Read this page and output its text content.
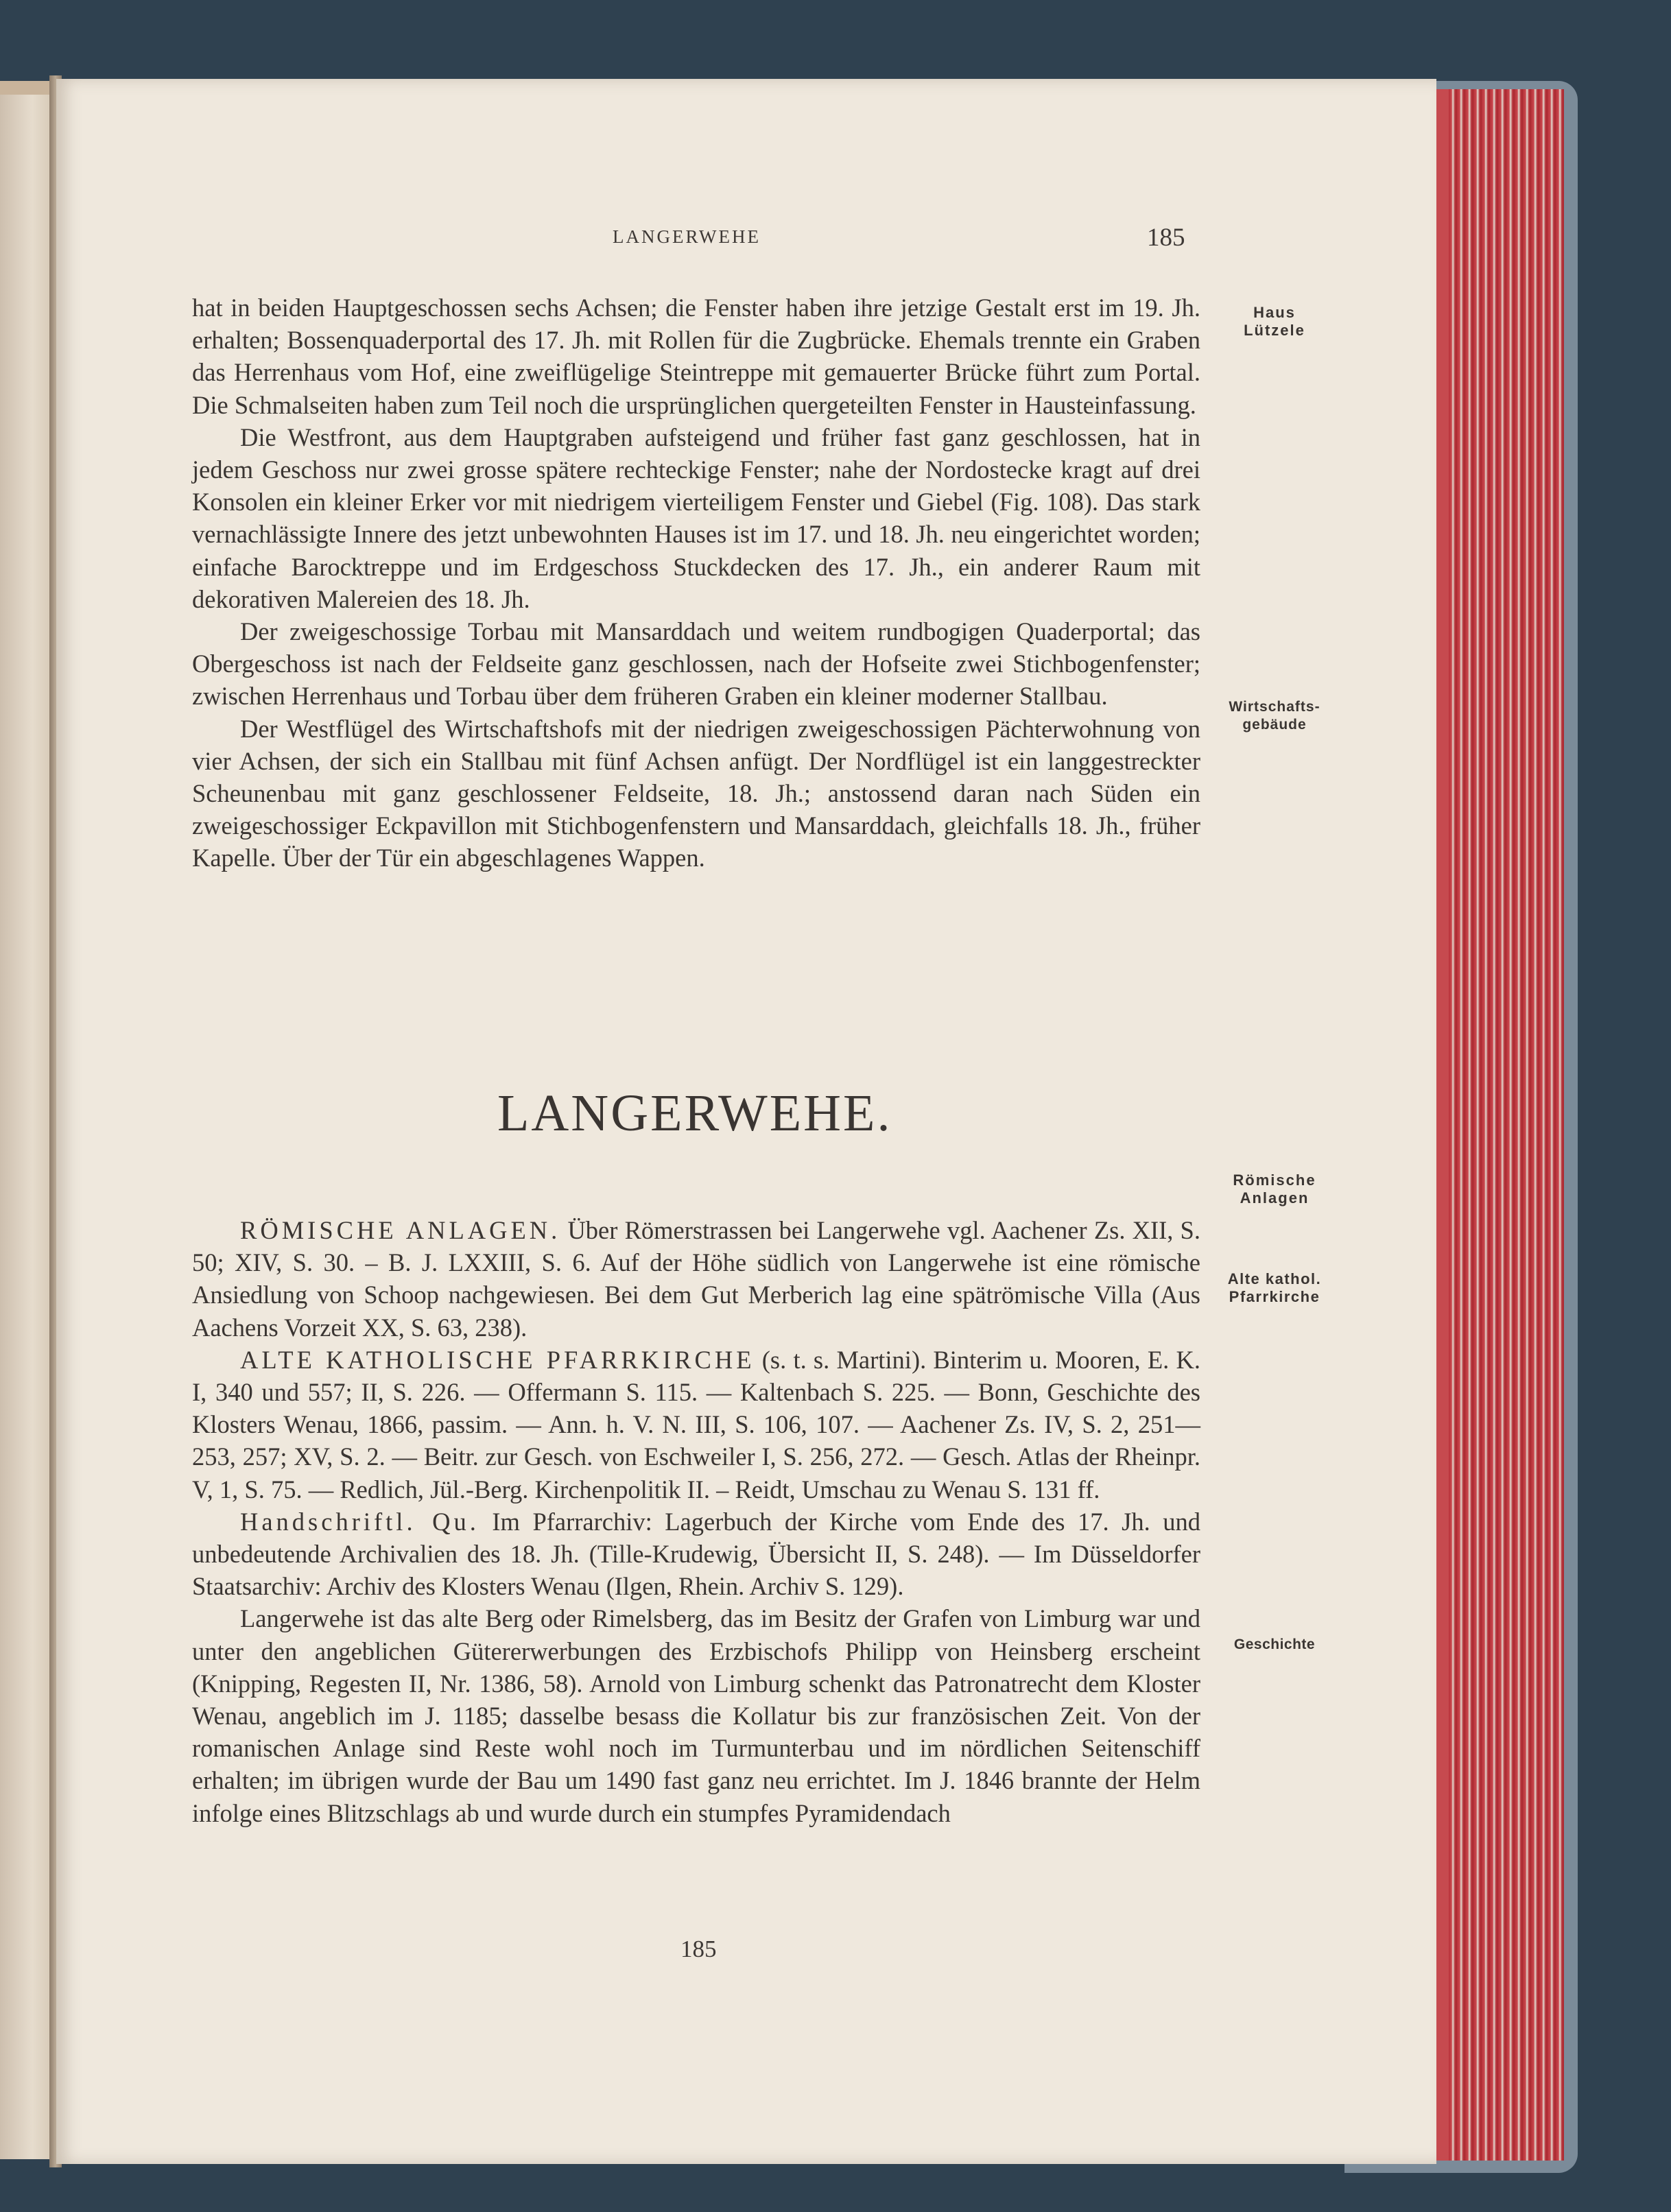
LANGERWEHE	185

hat in beiden Hauptgeschossen sechs Achsen; die Fenster haben ihre jetzige Gestalt erst im 19. Jh. erhalten; Bossenquaderportal des 17. Jh. mit Rollen für die Zugbrücke. Ehemals trennte ein Graben das Herrenhaus vom Hof, eine zweiflügelige Steintreppe mit gemauerter Brücke führt zum Portal. Die Schmalseiten haben zum Teil noch die ursprünglichen quergeteilten Fenster in Hausteinfassung.

Die Westfront, aus dem Hauptgraben aufsteigend und früher fast ganz geschlossen, hat in jedem Geschoss nur zwei grosse spätere rechteckige Fenster; nahe der Nordostecke kragt auf drei Konsolen ein kleiner Erker vor mit niedrigem vierteiligem Fenster und Giebel (Fig. 108). Das stark vernachlässigte Innere des jetzt unbewohnten Hauses ist im 17. und 18. Jh. neu eingerichtet worden; einfache Barocktreppe und im Erdgeschoss Stuckdecken des 17. Jh., ein anderer Raum mit dekorativen Malereien des 18. Jh.

Der zweigeschossige Torbau mit Mansarddach und weitem rundbogigen Quaderportal; das Obergeschoss ist nach der Feldseite ganz geschlossen, nach der Hofseite zwei Stichbogenfenster; zwischen Herrenhaus und Torbau über dem früheren Graben ein kleiner moderner Stallbau.

Der Westflügel des Wirtschaftshofs mit der niedrigen zweigeschossigen Pächterwohnung von vier Achsen, der sich ein Stallbau mit fünf Achsen anfügt. Der Nordflügel ist ein langgestreckter Scheunenbau mit ganz geschlossener Feldseite, 18. Jh.; anstossend daran nach Süden ein zweigeschossiger Eckpavillon mit Stichbogenfenstern und Mansarddach, gleichfalls 18. Jh., früher Kapelle. Über der Tür ein abgeschlagenes Wappen.

LANGERWEHE.

RÖMISCHE ANLAGEN. Über Römerstrassen bei Langerwehe vgl. Aachener Zs. XII, S. 50; XIV, S. 30. – B. J. LXXIII, S. 6. Auf der Höhe südlich von Langerwehe ist eine römische Ansiedlung von Schoop nachgewiesen. Bei dem Gut Merberich lag eine spätrömische Villa (Aus Aachens Vorzeit XX, S. 63, 238).

ALTE KATHOLISCHE PFARRKIRCHE (s. t. s. Martini). Binterim u. Mooren, E. K. I, 340 und 557; II, S. 226. — Offermann S. 115. — Kaltenbach S. 225. — Bonn, Geschichte des Klosters Wenau, 1866, passim. — Ann. h. V. N. III, S. 106, 107. — Aachener Zs. IV, S. 2, 251—253, 257; XV, S. 2. — Beitr. zur Gesch. von Eschweiler I, S. 256, 272. — Gesch. Atlas der Rheinpr. V, 1, S. 75. — Redlich, Jül.-Berg. Kirchenpolitik II. – Reidt, Umschau zu Wenau S. 131 ff.

Handschriftl. Qu. Im Pfarrarchiv: Lagerbuch der Kirche vom Ende des 17. Jh. und unbedeutende Archivalien des 18. Jh. (Tille-Krudewig, Übersicht II, S. 248). — Im Düsseldorfer Staatsarchiv: Archiv des Klosters Wenau (Ilgen, Rhein. Archiv S. 129).

Langerwehe ist das alte Berg oder Rimelsberg, das im Besitz der Grafen von Limburg war und unter den angeblichen Gütererwerbungen des Erzbischofs Philipp von Heinsberg erscheint (Knipping, Regesten II, Nr. 1386, 58). Arnold von Limburg schenkt das Patronatrecht dem Kloster Wenau, angeblich im J. 1185; dasselbe besass die Kollatur bis zur französischen Zeit. Von der romanischen Anlage sind Reste wohl noch im Turmunterbau und im nördlichen Seitenschiff erhalten; im übrigen wurde der Bau um 1490 fast ganz neu errichtet. Im J. 1846 brannte der Helm infolge eines Blitzschlags ab und wurde durch ein stumpfes Pyramidendach

Haus
Lützele
Wirtschafts-
gebäude
Römische
Anlagen
Alte kathol.
Pfarrkirche
Geschichte
185
